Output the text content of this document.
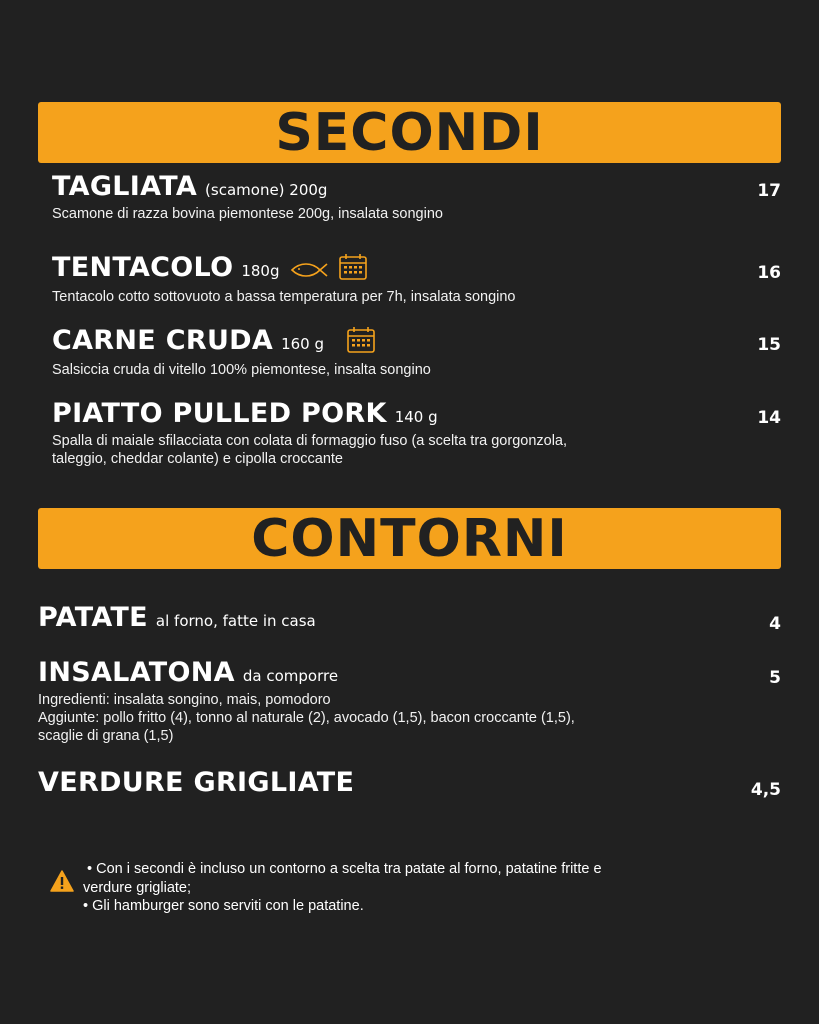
SECONDI
TAGLIATA (scamone) 200g
Scamone di razza bovina piemontese 200g, insalata songino
17
TENTACOLO 180g
Tentacolo cotto sottovuoto a bassa temperatura per 7h, insalata songino
16
CARNE CRUDA 160 g
Salsiccia cruda di vitello 100% piemontese, insalta songino
15
PIATTO PULLED PORK 140 g
Spalla di maiale sfilacciata con colata di formaggio fuso (a scelta tra gorgonzola,
taleggio, cheddar colante) e cipolla croccante
14
CONTORNI
PATATE al forno, fatte in casa	4
INSALATONA da comporre
Ingredienti: insalata songino, mais, pomodoro
Aggiunte: pollo fritto (4), tonno al naturale (2), avocado (1,5), bacon croccante (1,5),
scaglie di grana (1,5)
5
VERDURE GRIGLIATE	4,5
• Con i secondi è incluso un contorno a scelta tra patate al forno, patatine fritte e
verdure grigliate;
• Gli hamburger sono serviti con le patatine.
